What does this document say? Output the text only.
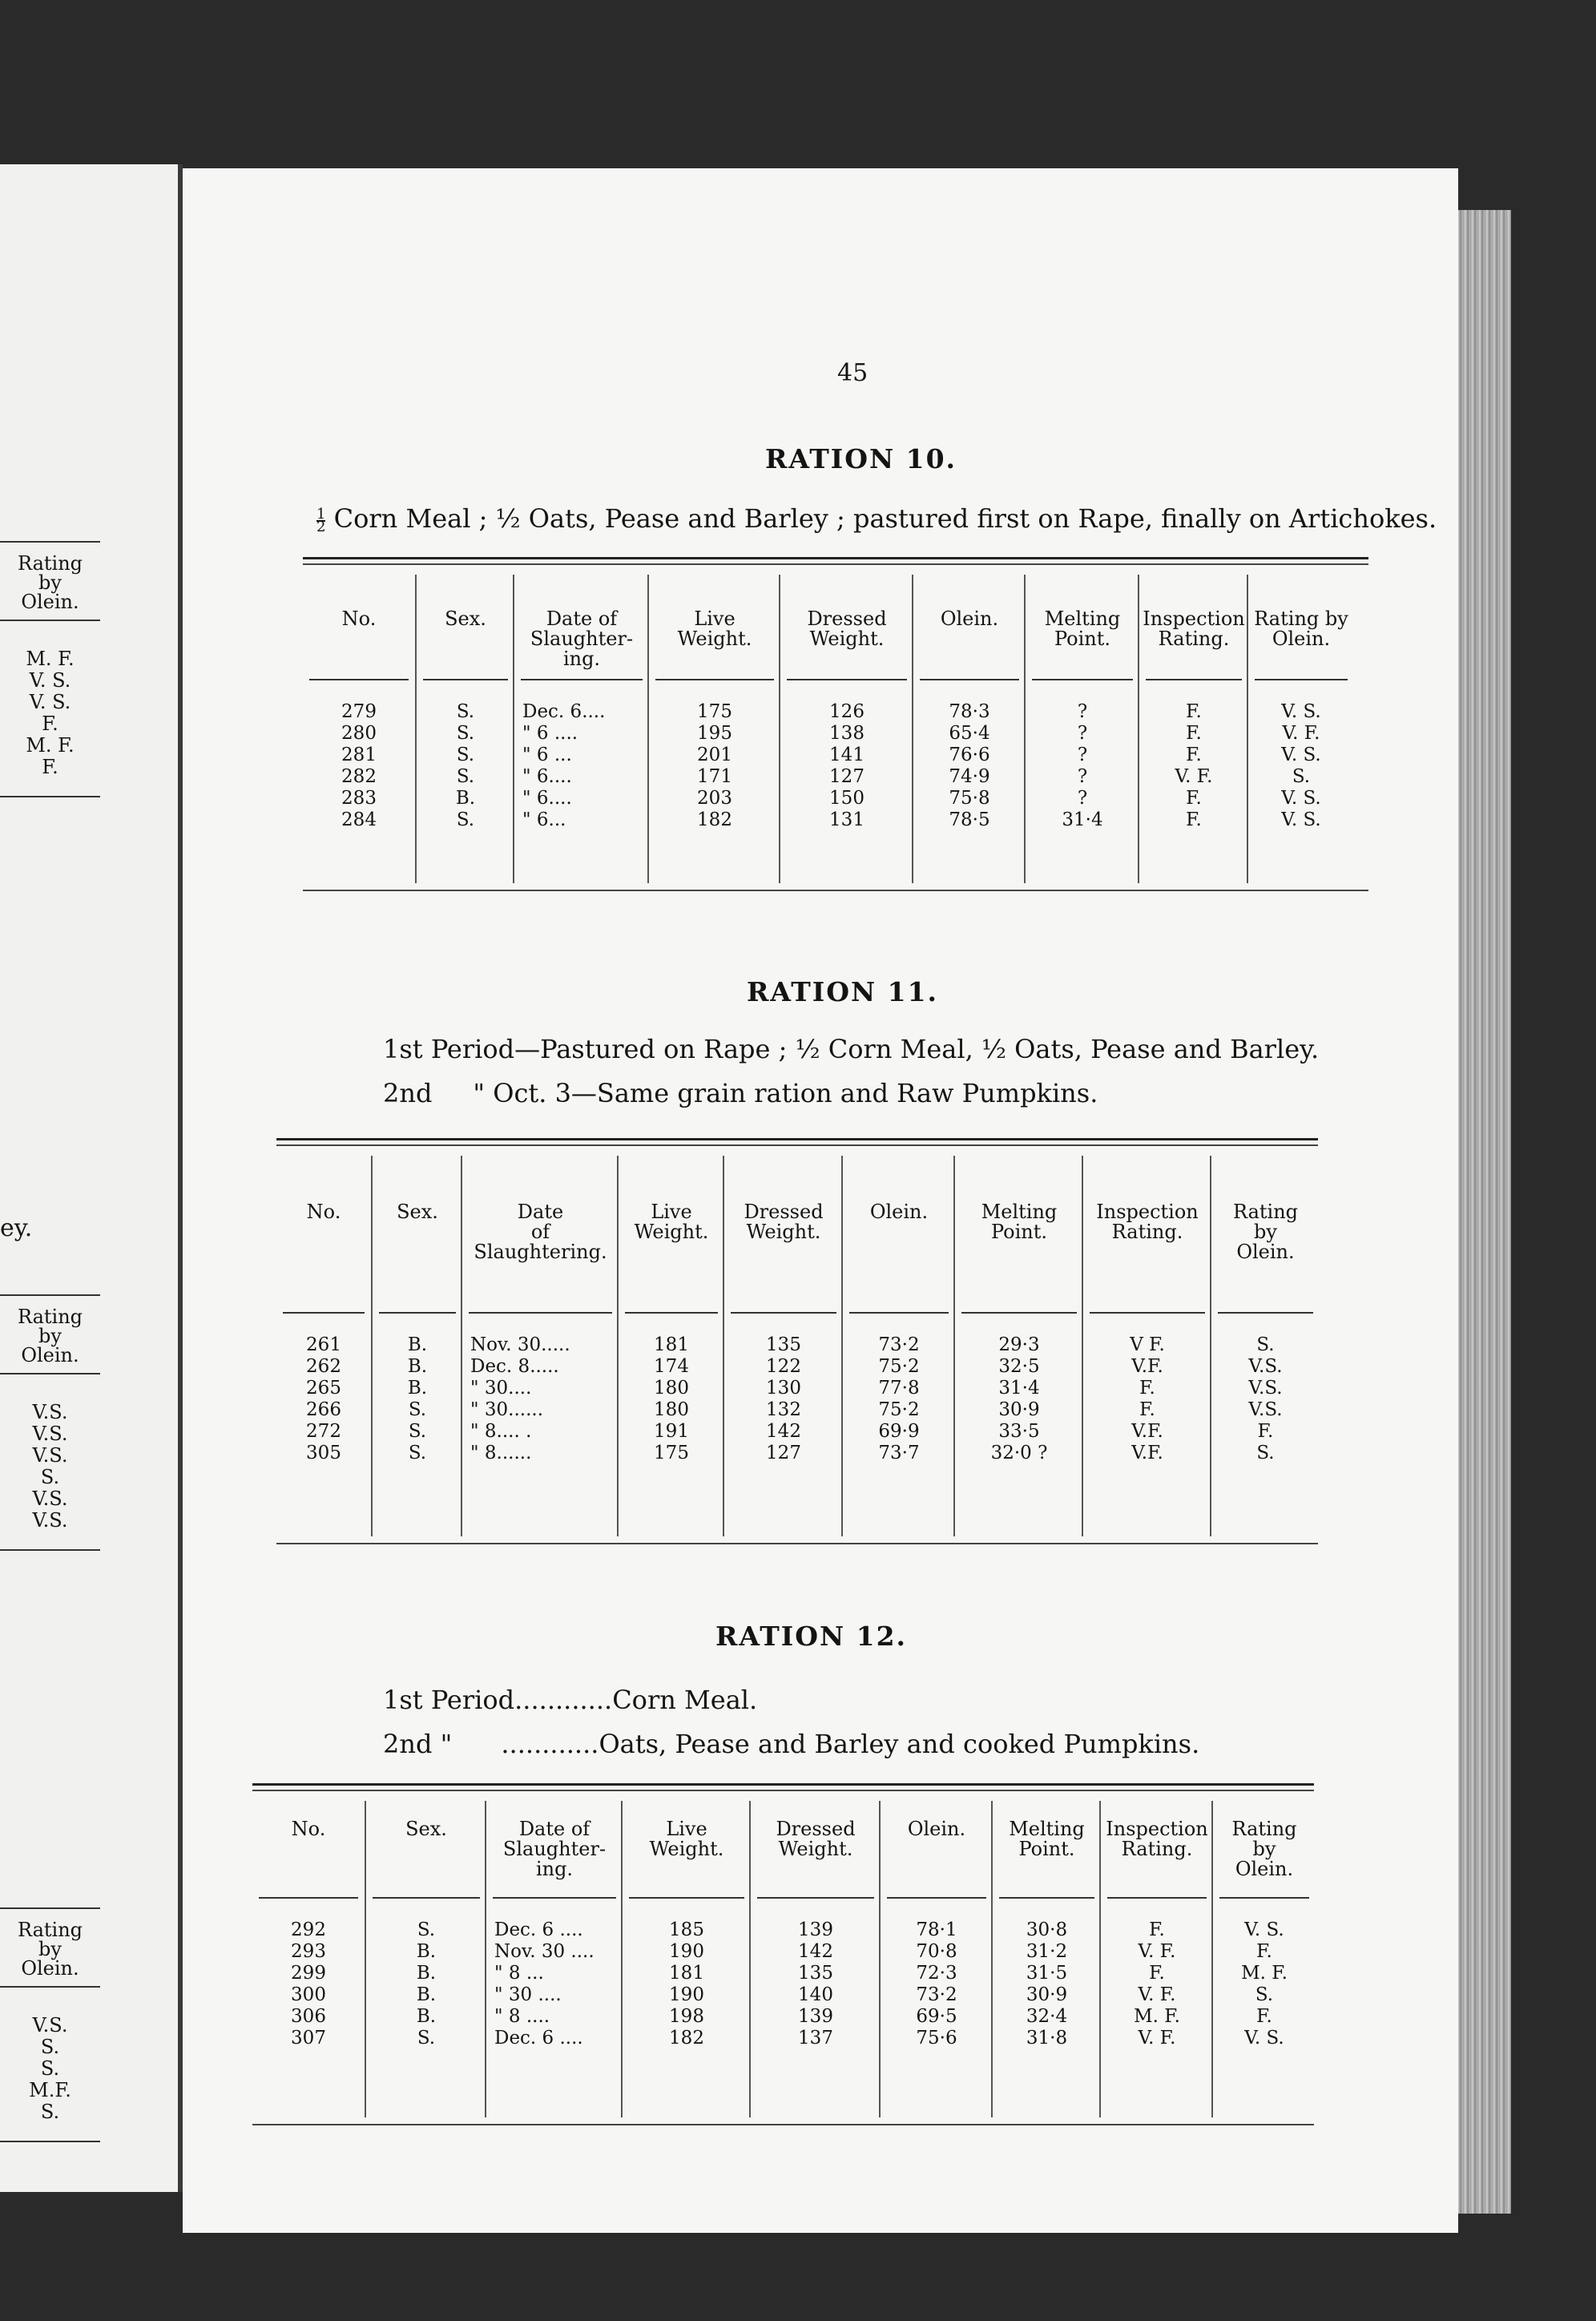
Rating
by
Olein.
M. F.
V. S.
V. S.
F.
M. F.
F.
ey.
Rating
by
Olein.
V.S.
V.S.
V.S.
S.
V.S.
V.S.
Rating
by
Olein.
V.S.
S.
S.
M.F.
S.
45
RATION 10.
$\frac{1}{2}$ Corn Meal ; ½ Oats, Pease and Barley ; pastured first on Rape, finally on Artichokes.
No.
279
280
281
282
283
284
Sex.
S.
S.
S.
S.
B.
S.
Date of
Slaughter-
ing.
Dec. 6....
" 6 ....
" 6 ...
" 6....
" 6....
" 6...
Live
Weight.
175
195
201
171
203
182
Dressed
Weight.
126
138
141
127
150
131
Olein.
78·3
65·4
76·6
74·9
75·8
78·5
Melting
Point.
?
?
?
?
?
31·4
Inspection
Rating.
F.
F.
F.
V. F.
F.
F.
Rating by
Olein.
V. S.
V. F.
V. S.
S.
V. S.
V. S.
RATION 11.
1st Period—Pastured on Rape ; ½ Corn Meal, ½ Oats, Pease and Barley.
2nd " Oct. 3—Same grain ration and Raw Pumpkins.
No.
261
262
265
266
272
305
Sex.
B.
B.
B.
S.
S.
S.
Date
of
Slaughtering.
Nov. 30.....
Dec. 8.....
" 30....
" 30......
" 8.... .
" 8......
Live
Weight.
181
174
180
180
191
175
Dressed
Weight.
135
122
130
132
142
127
Olein.
73·2
75·2
77·8
75·2
69·9
73·7
Melting
Point.
29·3
32·5
31·4
30·9
33·5
32·0 ?
Inspection
Rating.
V F.
V.F.
F.
F.
V.F.
V.F.
Rating
by
Olein.
S.
V.S.
V.S.
V.S.
F.
S.
RATION 12.
1st Period............Corn Meal.
2nd " ............Oats, Pease and Barley and cooked Pumpkins.
No.
292
293
299
300
306
307
Sex.
S.
B.
B.
B.
B.
S.
Date of
Slaughter-
ing.
Dec. 6 ....
Nov. 30 ....
" 8 ...
" 30 ....
" 8 ....
Dec. 6 ....
Live
Weight.
185
190
181
190
198
182
Dressed
Weight.
139
142
135
140
139
137
Olein.
78·1
70·8
72·3
73·2
69·5
75·6
Melting
Point.
30·8
31·2
31·5
30·9
32·4
31·8
Inspection
Rating.
F.
V. F.
F.
V. F.
M. F.
V. F.
Rating
by
Olein.
V. S.
F.
M. F.
S.
F.
V. S.
